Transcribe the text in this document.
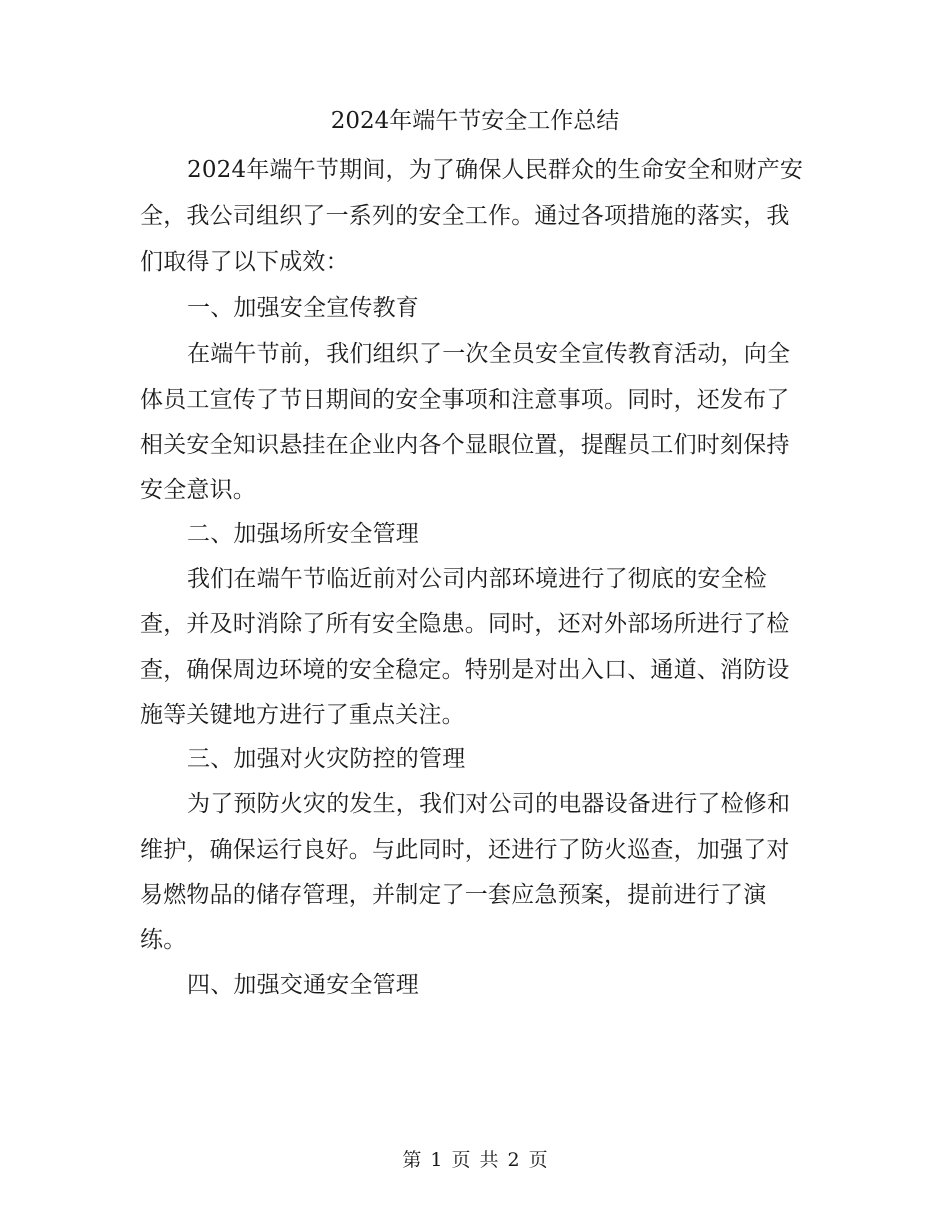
2024年端午节安全工作总结
2024年端午节期间，为了确保人民群众的生命安全和财产安
全，我公司组织了一系列的安全工作。通过各项措施的落实，我
们取得了以下成效：
一、加强安全宣传教育
在端午节前，我们组织了一次全员安全宣传教育活动，向全
体员工宣传了节日期间的安全事项和注意事项。同时，还发布了
相关安全知识悬挂在企业内各个显眼位置，提醒员工们时刻保持
安全意识。
二、加强场所安全管理
我们在端午节临近前对公司内部环境进行了彻底的安全检
查，并及时消除了所有安全隐患。同时，还对外部场所进行了检
查，确保周边环境的安全稳定。特别是对出入口、通道、消防设
施等关键地方进行了重点关注。
三、加强对火灾防控的管理
为了预防火灾的发生，我们对公司的电器设备进行了检修和
维护，确保运行良好。与此同时，还进行了防火巡查，加强了对
易燃物品的储存管理，并制定了一套应急预案，提前进行了演
练。
四、加强交通安全管理
第 1 页 共 2 页
